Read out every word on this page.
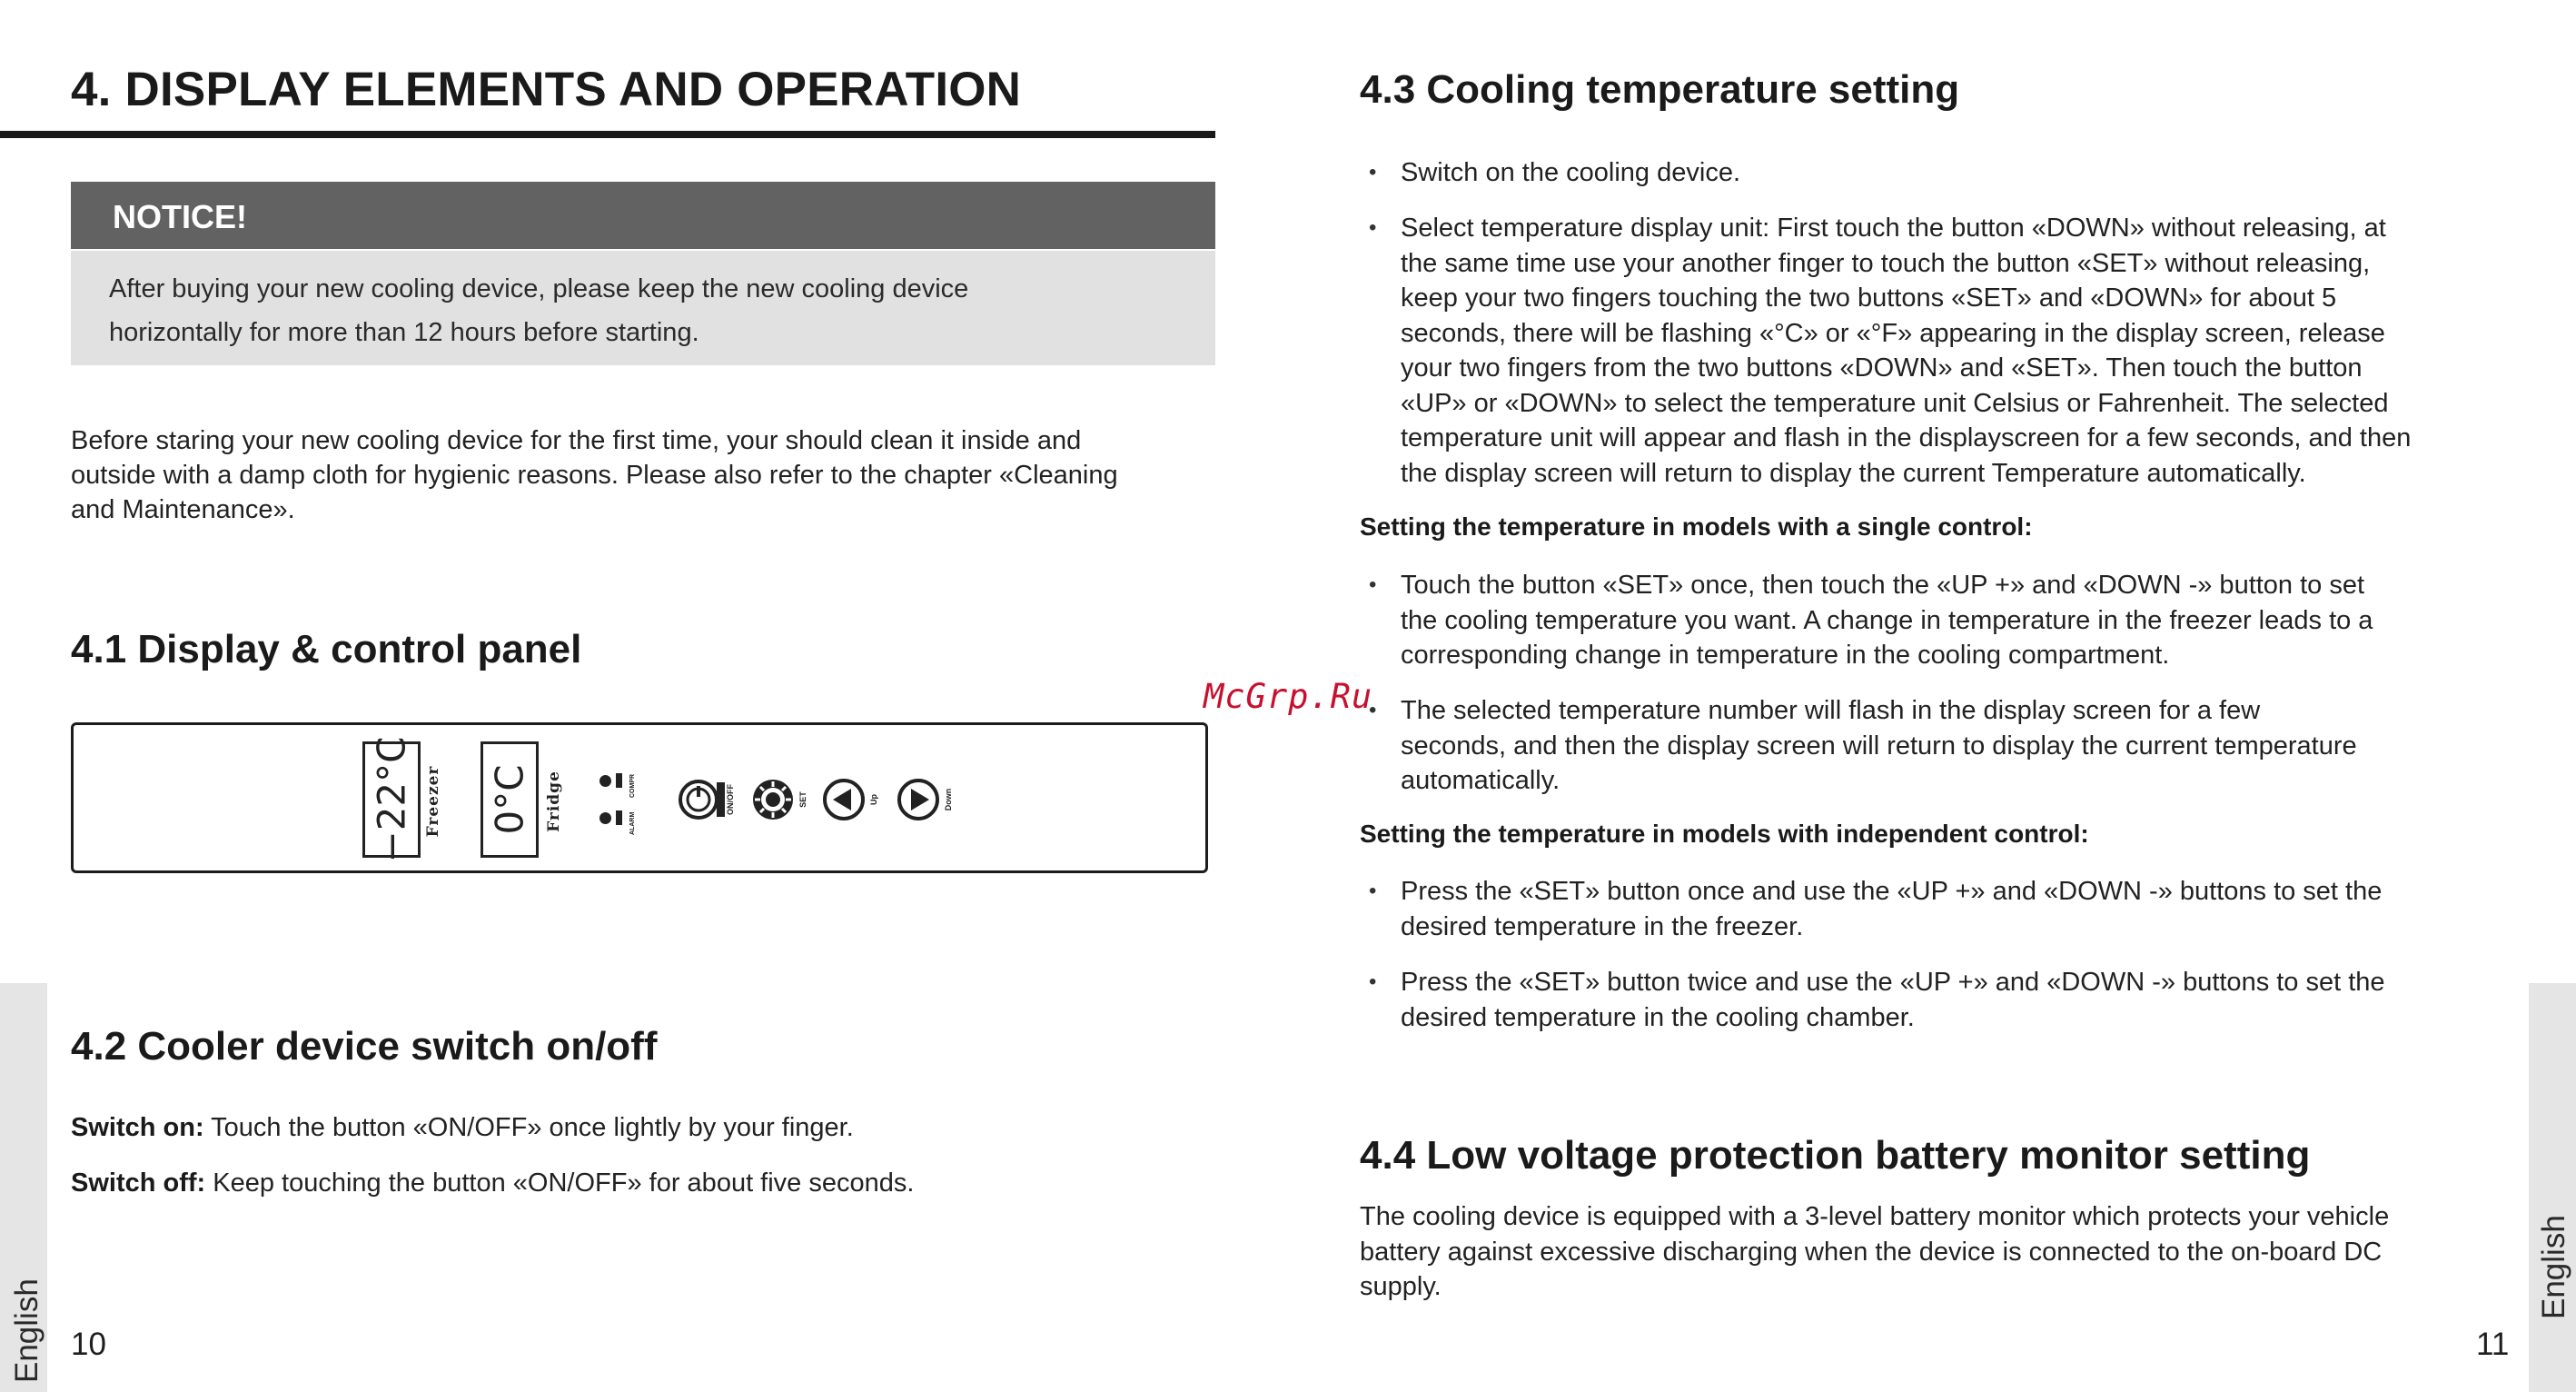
4. DISPLAY ELEMENTS AND OPERATION
NOTICE!
After buying your new cooling device, please keep the new cooling device
horizontally for more than 12 hours before starting.
Before staring your new cooling device for the first time, your should clean it inside and
outside with a damp cloth for hygienic reasons. Please also refer to the chapter «Cleaning
and Maintenance».
4.1 Display & control panel
−22°C Freezer 0°C Fridge	COMPR
ALARM
ON/OFF	SET	Up	Down
4.2 Cooler device switch on/off
Switch on: Touch the button «ON/OFF» once lightly by your finger.
Switch off: Keep touching the button «ON/OFF» for about five seconds.
English 10
4.3 Cooling temperature setting
• Switch on the cooling device.
• Select temperature display unit: First touch the button «DOWN» without releasing, at
the same time use your another finger to touch the button «SET» without releasing,
keep your two fingers touching the two buttons «SET» and «DOWN» for about 5
seconds, there will be flashing «°C» or «°F» appearing in the display screen, release
your two fingers from the two buttons «DOWN» and «SET». Then touch the button
«UP» or «DOWN» to select the temperature unit Celsius or Fahrenheit. The selected
temperature unit will appear and flash in the displayscreen for a few seconds, and then
the display screen will return to display the current Temperature automatically.
Setting the temperature in models with a single control:
• Touch the button «SET» once, then touch the «UP +» and «DOWN -» button to set
the cooling temperature you want. A change in temperature in the freezer leads to a
corresponding change in temperature in the cooling compartment.
• The selected temperature number will flash in the display screen for a few
seconds, and then the display screen will return to display the current temperature
automatically.
Setting the temperature in models with independent control:
• Press the «SET» button once and use the «UP +» and «DOWN -» buttons to set the
desired temperature in the freezer.
• Press the «SET» button twice and use the «UP +» and «DOWN -» buttons to set the
desired temperature in the cooling chamber.
4.4 Low voltage protection battery monitor setting
The cooling device is equipped with a 3-level battery monitor which protects your vehicle
battery against excessive discharging when the device is connected to the on-board DC
supply.	English
11
McGrp.Ru
